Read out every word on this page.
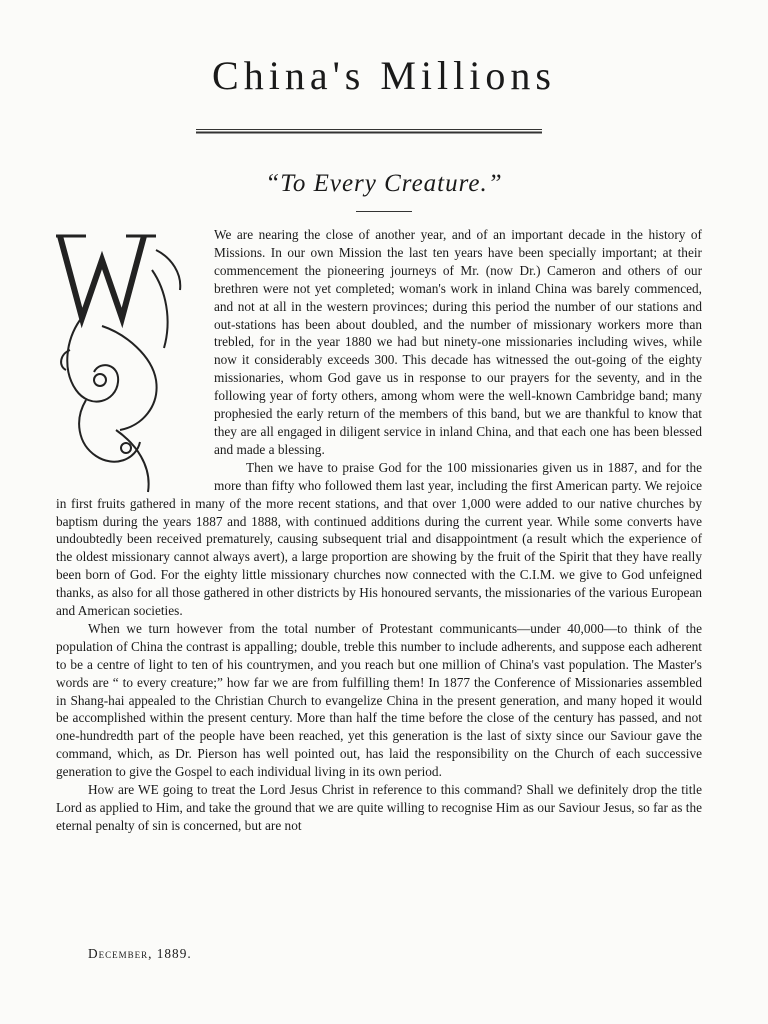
China's Millions
“To Every Creature.”

We are nearing the close of another year, and of an important decade in the history of Missions. In our own Mission the last ten years have been specially important; at their commencement the pioneering journeys of Mr. (now Dr.) Cameron and others of our brethren were not yet completed; woman's work in inland China was barely commenced, and not at all in the western provinces; during this period the number of our stations and out-stations has been about doubled, and the number of missionary workers more than trebled, for in the year 1880 we had but ninety-one missionaries including wives, while now it considerably exceeds 300. This decade has witnessed the out-going of the eighty missionaries, whom God gave us in response to our prayers for the seventy, and in the following year of forty others, among whom were the well-known Cambridge band; many prophesied the early return of the members of this band, but we are thankful to know that they are all engaged in diligent service in inland China, and that each one has been blessed and made a blessing.

Then we have to praise God for the 100 missionaries given us in 1887, and for the more than fifty who followed them last year, including the first American party. We rejoice in first fruits gathered in many of the more recent stations, and that over 1,000 were added to our native churches by baptism during the years 1887 and 1888, with continued additions during the current year. While some converts have undoubtedly been received prematurely, causing subsequent trial and disappointment (a result which the experience of the oldest missionary cannot always avert), a large proportion are showing by the fruit of the Spirit that they have really been born of God. For the eighty little missionary churches now connected with the C.I.M. we give to God unfeigned thanks, as also for all those gathered in other districts by His honoured servants, the missionaries of the various European and American societies.

When we turn however from the total number of Protestant communicants—under 40,000—to think of the population of China the contrast is appalling; double, treble this number to include adherents, and suppose each adherent to be a centre of light to ten of his countrymen, and you reach but one million of China's vast population. The Master's words are “ to every creature;” how far we are from fulfilling them! In 1877 the Conference of Missionaries assembled in Shang-hai appealed to the Christian Church to evangelize China in the present generation, and many hoped it would be accomplished within the present century. More than half the time before the close of the century has passed, and not one-hundredth part of the people have been reached, yet this generation is the last of sixty since our Saviour gave the command, which, as Dr. Pierson has well pointed out, has laid the responsibility on the Church of each successive generation to give the Gospel to each individual living in its own period.

How are WE going to treat the Lord Jesus Christ in reference to this command? Shall we definitely drop the title Lord as applied to Him, and take the ground that we are quite willing to recognise Him as our Saviour Jesus, so far as the eternal penalty of sin is concerned, but are not

December, 1889.
